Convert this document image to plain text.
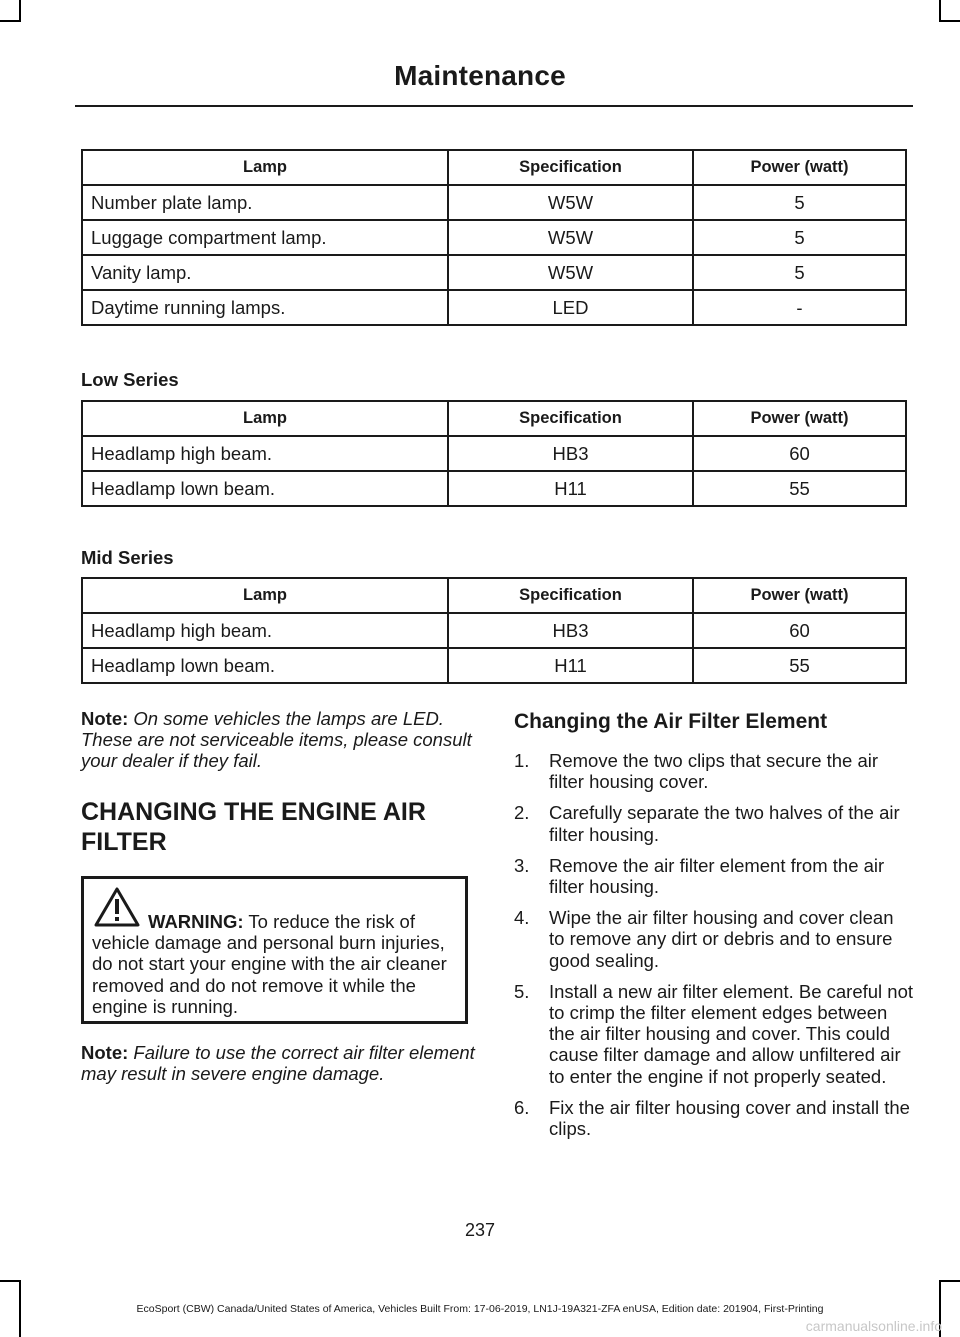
Maintenance
Lamp	Specification	Power (watt)
Number plate lamp.	W5W	5
Luggage compartment lamp.	W5W	5
Vanity lamp.	W5W	5
Daytime running lamps.	LED	-
Low Series
Lamp	Specification	Power (watt)
Headlamp high beam.	HB3	60
Headlamp lown beam.	H11	55
Mid Series
Lamp	Specification	Power (watt)
Headlamp high beam.	HB3	60
Headlamp lown beam.	H11	55
Note: On some vehicles the lamps are LED. These are not serviceable items, please consult your dealer if they fail.
CHANGING THE ENGINE AIR FILTER
WARNING: To reduce the risk of vehicle damage and personal burn injuries, do not start your engine with the air cleaner removed and do not remove it while the engine is running.
Note: Failure to use the correct air filter element may result in severe engine damage.
Changing the Air Filter Element
1. Remove the two clips that secure the air filter housing cover.
2. Carefully separate the two halves of the air filter housing.
3. Remove the air filter element from the air filter housing.
4. Wipe the air filter housing and cover clean to remove any dirt or debris and to ensure good sealing.
5. Install a new air filter element. Be careful not to crimp the filter element edges between the air filter housing and cover. This could cause filter damage and allow unfiltered air to enter the engine if not properly seated.
6. Fix the air filter housing cover and install the clips.
237
EcoSport (CBW) Canada/United States of America, Vehicles Built From: 17-06-2019, LN1J-19A321-ZFA enUSA, Edition date: 201904, First-Printing
carmanualsonline.info
